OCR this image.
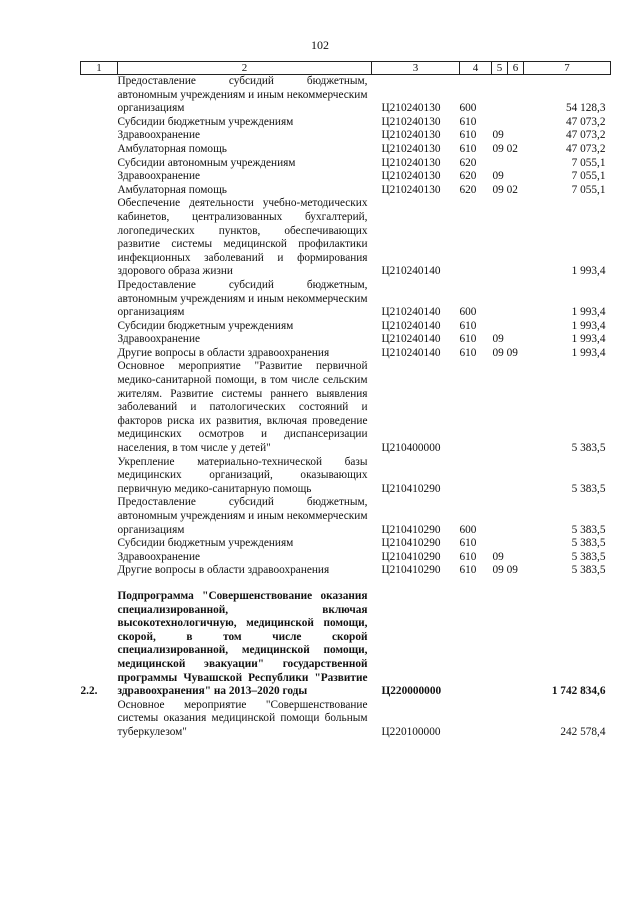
102
1	2	3	4	5	6	7
	Предоставление субсидий бюджетным, автономным учреждениям и иным некоммерческим организациям	Ц210240130	600			54 128,3
	Субсидии бюджетным учреждениям	Ц210240130	610			47 073,2
	Здравоохранение	Ц210240130	610	09		47 073,2
	Амбулаторная помощь	Ц210240130	610	09 02		47 073,2
	Субсидии автономным учреждениям	Ц210240130	620			7 055,1
	Здравоохранение	Ц210240130	620	09		7 055,1
	Амбулаторная помощь	Ц210240130	620	09 02		7 055,1
	Обеспечение деятельности учебно-методических кабинетов, централизованных бухгалтерий, логопедических пунктов, обеспечивающих развитие системы медицинской профилактики инфекционных заболеваний и формирования здорового образа жизни	Ц210240140				1 993,4
	Предоставление субсидий бюджетным, автономным учреждениям и иным некоммерческим организациям	Ц210240140	600			1 993,4
	Субсидии бюджетным учреждениям	Ц210240140	610			1 993,4
	Здравоохранение	Ц210240140	610	09		1 993,4
	Другие вопросы в области здравоохранения	Ц210240140	610	09 09		1 993,4
	Основное мероприятие "Развитие первичной медико-санитарной помощи, в том числе сельским жителям. Развитие системы раннего выявления заболеваний и патологических состояний и факторов риска их развития, включая проведение медицинских осмотров и диспансеризации населения, в том числе у детей"	Ц210400000				5 383,5
	Укрепление материально-технической базы медицинских организаций, оказывающих первичную медико-санитарную помощь	Ц210410290				5 383,5
	Предоставление субсидий бюджетным, автономным учреждениям и иным некоммерческим организациям	Ц210410290	600			5 383,5
	Субсидии бюджетным учреждениям	Ц210410290	610			5 383,5
	Здравоохранение	Ц210410290	610	09		5 383,5
	Другие вопросы в области здравоохранения	Ц210410290	610	09 09		5 383,5

2.2.	Подпрограмма "Совершенствование оказания специализированной, включая высокотехнологичную, медицинской помощи, скорой, в том числе скорой специализированной, медицинской помощи, медицинской эвакуации" государственной программы Чувашской Республики "Развитие здравоохранения" на 2013–2020 годы	Ц220000000				1 742 834,6
	Основное мероприятие "Совершенствование системы оказания медицинской помощи больным туберкулезом"	Ц220100000				242 578,4
